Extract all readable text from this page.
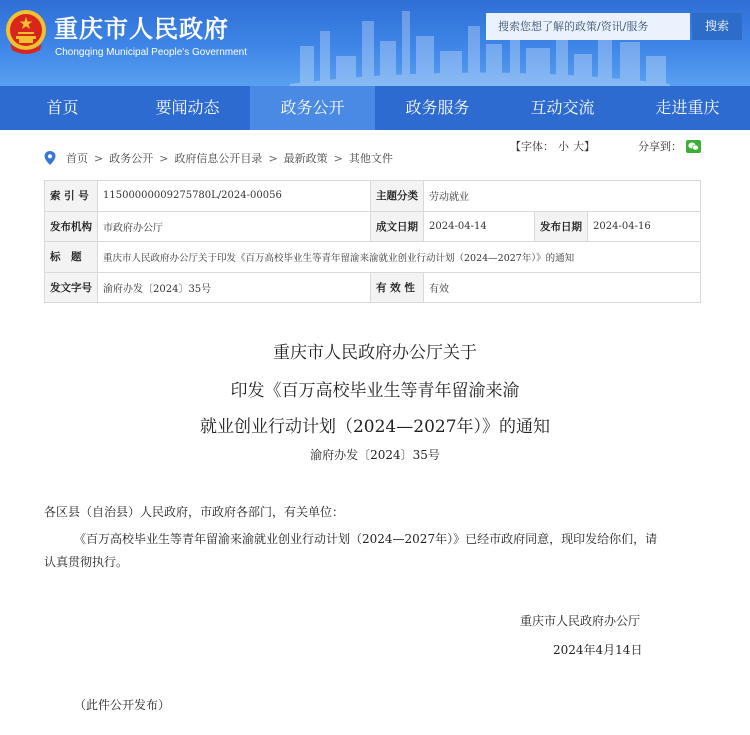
重庆市人民政府
Chongqing Municipal People's Government
搜索您想了解的政策/资讯/服务	搜索
首页	要闻动态	政务公开	政务服务	互动交流	走进重庆
首页 > 政务公开 > 政府信息公开目录 > 最新政策 > 其他文件
【字体： 小 大】	分享到：
索 引 号	11500000009275780L/2024-00056	主题分类	劳动就业		
发布机构	市政府办公厅	成文日期	2024-04-14	发布日期	2024-04-16
标　题	重庆市人民政府办公厅关于印发《百万高校毕业生等青年留渝来渝就业创业行动计划（2024—2027年）》的通知				
发文字号	渝府办发〔2024〕35号	有 效 性	有效		
重庆市人民政府办公厅关于
印发《百万高校毕业生等青年留渝来渝
就业创业行动计划（2024—2027年）》的通知
渝府办发〔2024〕35号
各区县（自治县）人民政府，市政府各部门，有关单位：
《百万高校毕业生等青年留渝来渝就业创业行动计划（2024—2027年）》已经市政府同意，现印发给你们，请
认真贯彻执行。
重庆市人民政府办公厅
2024年4月14日
（此件公开发布）
